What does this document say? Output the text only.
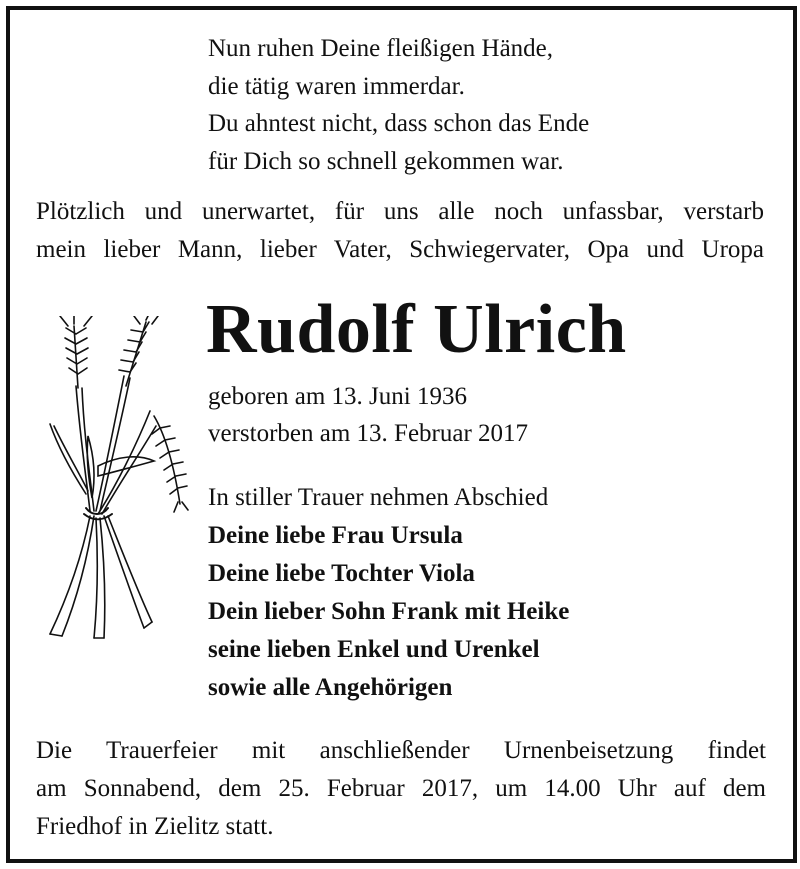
Nun ruhen Deine fleißigen Hände,
die tätig waren immerdar.
Du ahntest nicht, dass schon das Ende
für Dich so schnell gekommen war.
Plötzlich und unerwartet, für uns alle noch unfassbar, verstarb
mein lieber Mann, lieber Vater, Schwiegervater, Opa und Uropa
Rudolf Ulrich
geboren am 13. Juni 1936
verstorben am 13. Februar 2017
In stiller Trauer nehmen Abschied
Deine liebe Frau Ursula
Deine liebe Tochter Viola
Dein lieber Sohn Frank mit Heike
seine lieben Enkel und Urenkel
sowie alle Angehörigen
Die Trauerfeier mit anschließender Urnenbeisetzung findet
am Sonnabend, dem 25. Februar 2017, um 14.00 Uhr auf dem
Friedhof in Zielitz statt.
